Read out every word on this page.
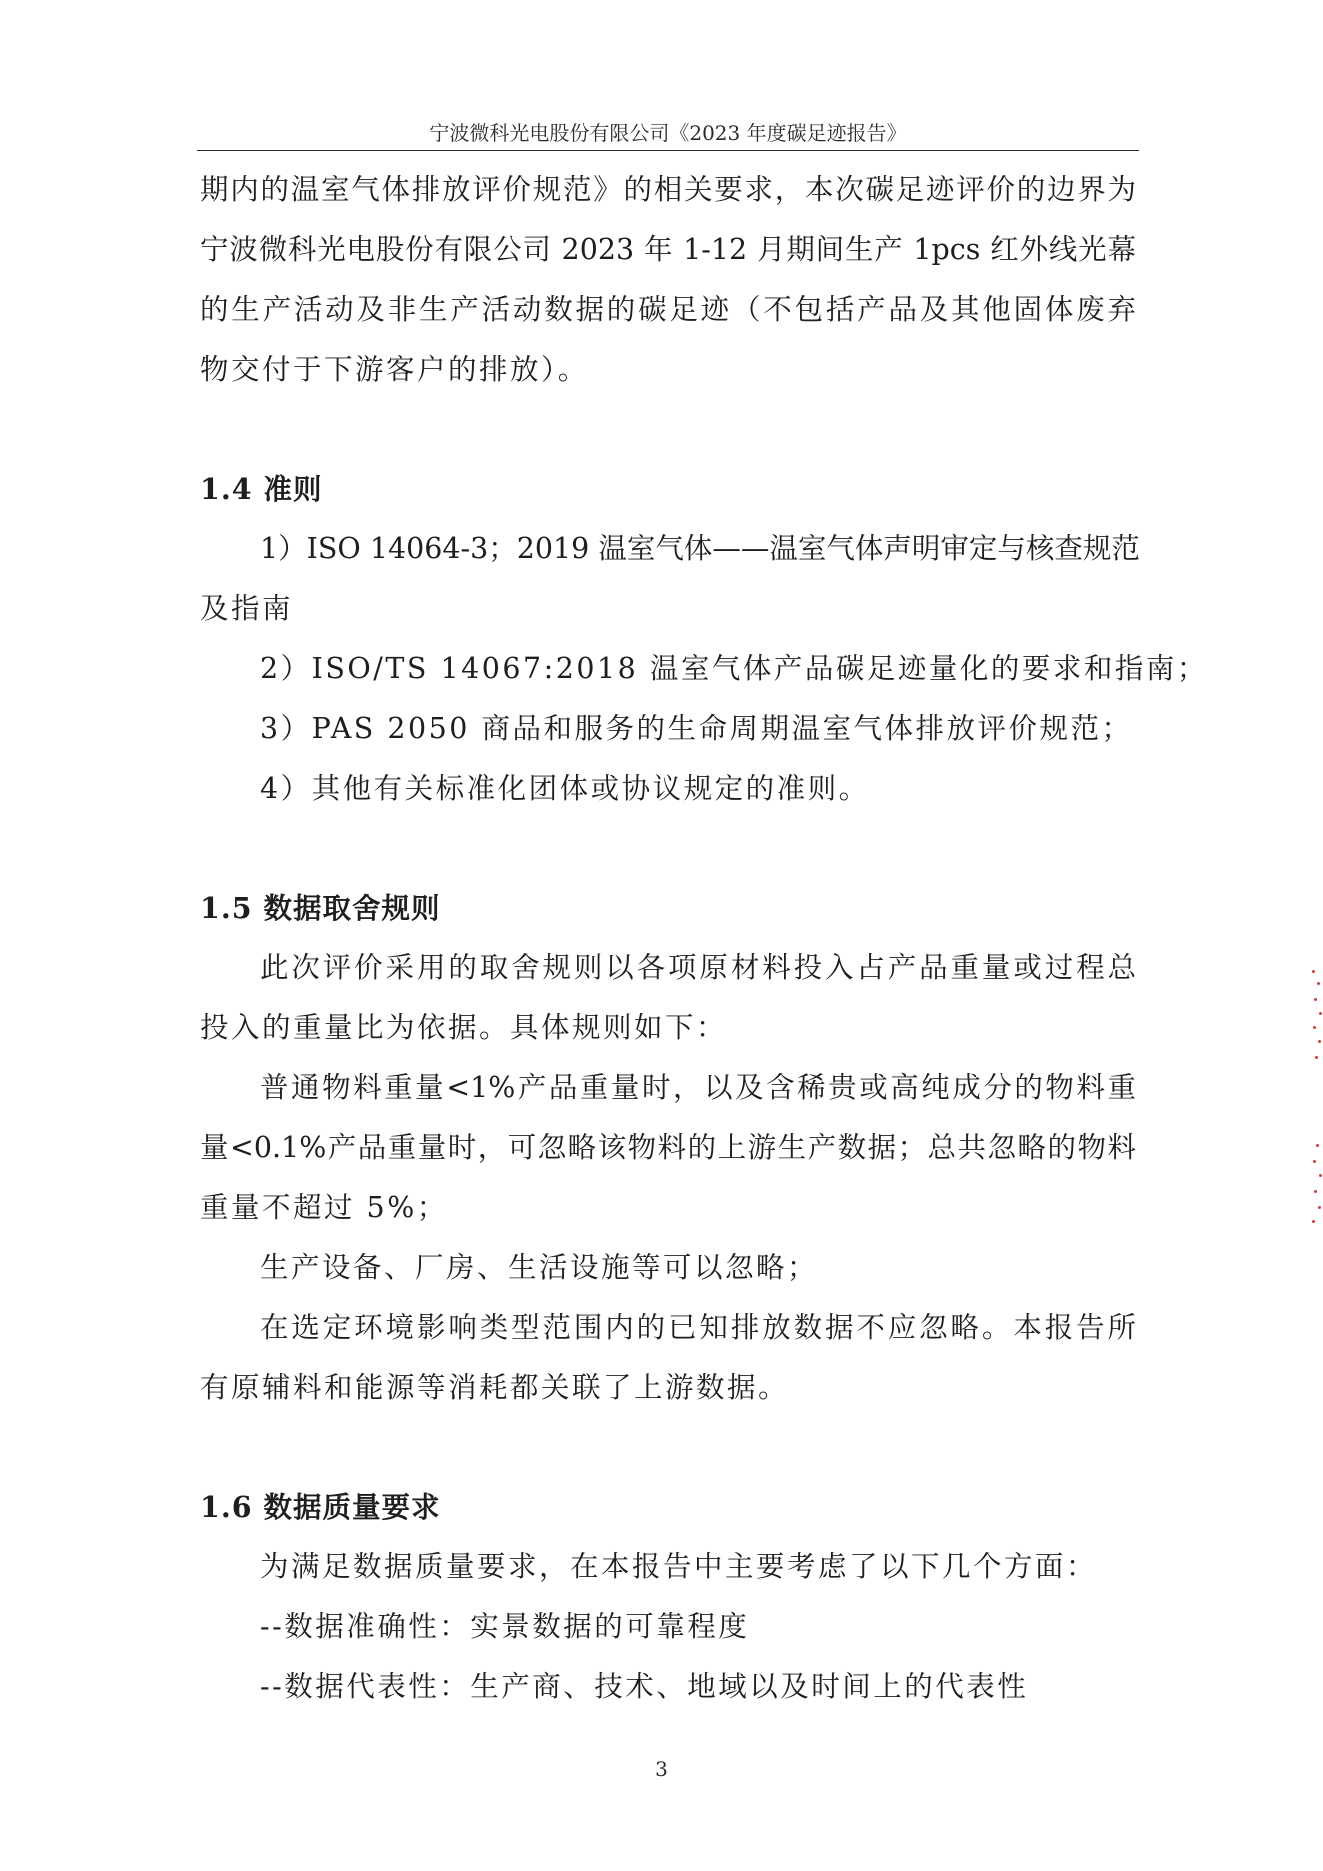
宁波微科光电股份有限公司《2023 年度碳足迹报告》
期内的温室气体排放评价规范》的相关要求，本次碳足迹评价的边界为
宁波微科光电股份有限公司 2023 年 1-12 月期间生产 1pcs 红外线光幕
的生产活动及非生产活动数据的碳足迹（不包括产品及其他固体废弃
物交付于下游客户的排放）。
1.4 准则
1）ISO 14064-3；2019 温室气体——温室气体声明审定与核查规范
及指南
2）ISO/TS 14067:2018 温室气体产品碳足迹量化的要求和指南；
3）PAS 2050 商品和服务的生命周期温室气体排放评价规范；
4）其他有关标准化团体或协议规定的准则。
1.5 数据取舍规则
此次评价采用的取舍规则以各项原材料投入占产品重量或过程总
投入的重量比为依据。具体规则如下：
普通物料重量<1%产品重量时，以及含稀贵或高纯成分的物料重
量<0.1%产品重量时，可忽略该物料的上游生产数据；总共忽略的物料
重量不超过 5%；
生产设备、厂房、生活设施等可以忽略；
在选定环境影响类型范围内的已知排放数据不应忽略。本报告所
有原辅料和能源等消耗都关联了上游数据。
1.6 数据质量要求
为满足数据质量要求，在本报告中主要考虑了以下几个方面：
--数据准确性：实景数据的可靠程度
--数据代表性：生产商、技术、地域以及时间上的代表性
3
